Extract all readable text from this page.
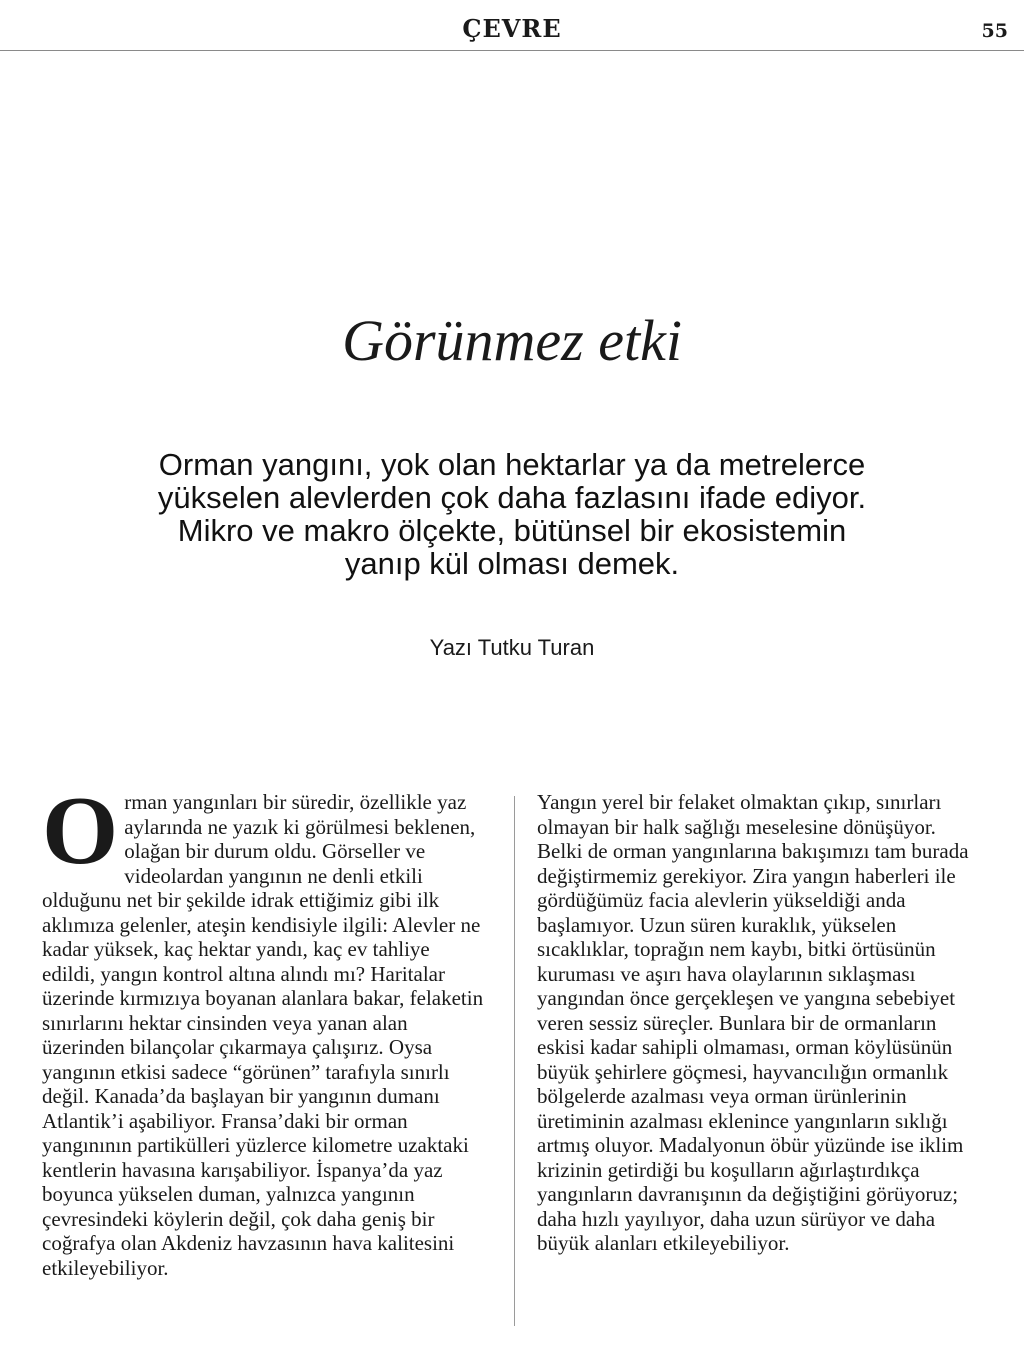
ÇEVRE	55
Görünmez etki
Orman yangını, yok olan hektarlar ya da metrelerce yükselen alevlerden çok daha fazlasını ifade ediyor. Mikro ve makro ölçekte, bütünsel bir ekosistemin yanıp kül olması demek.
Yazı Tutku Turan

Orman yangınları bir süredir, özellikle yaz aylarında ne yazık ki görülmesi beklenen, olağan bir durum oldu. Görseller ve videolardan yangının ne denli etkili olduğunu net bir şekilde idrak ettiğimiz gibi ilk aklımıza gelenler, ateşin kendisiyle ilgili: Alevler ne kadar yüksek, kaç hektar yandı, kaç ev tahliye edildi, yangın kontrol altına alındı mı? Haritalar üzerinde kırmızıya boyanan alanlara bakar, felaketin sınırlarını hektar cinsinden veya yanan alan üzerinden bilançolar çıkarmaya çalışırız. Oysa yangının etkisi sadece “görünen” tarafıyla sınırlı değil. Kanada’da başlayan bir yangının dumanı Atlantik’i aşabiliyor. Fransa’daki bir orman yangınının partikülleri yüzlerce kilometre uzaktaki kentlerin havasına karışabiliyor. İspanya’da yaz boyunca yükselen duman, yalnızca yangının çevresindeki köylerin değil, çok daha geniş bir coğrafya olan Akdeniz havzasının hava kalitesini etkileyebiliyor.

Yangın yerel bir felaket olmaktan çıkıp, sınırları olmayan bir halk sağlığı meselesine dönüşüyor. Belki de orman yangınlarına bakışımızı tam burada değiştirmemiz gerekiyor. Zira yangın haberleri ile gördüğümüz facia alevlerin yükseldiği anda başlamıyor. Uzun süren kuraklık, yükselen sıcaklıklar, toprağın nem kaybı, bitki örtüsünün kuruması ve aşırı hava olaylarının sıklaşması yangından önce gerçekleşen ve yangına sebebiyet veren sessiz süreçler. Bunlara bir de ormanların eskisi kadar sahipli olmaması, orman köylüsünün büyük şehirlere göçmesi, hayvancılığın ormanlık bölgelerde azalması veya orman ürünlerinin üretiminin azalması eklenince yangınların sıklığı artmış oluyor. Madalyonun öbür yüzünde ise iklim krizinin getirdiği bu koşulların ağırlaştırdıkça yangınların davranışının da değiştiğini görüyoruz; daha hızlı yayılıyor, daha uzun sürüyor ve daha büyük alanları etkileyebiliyor.
